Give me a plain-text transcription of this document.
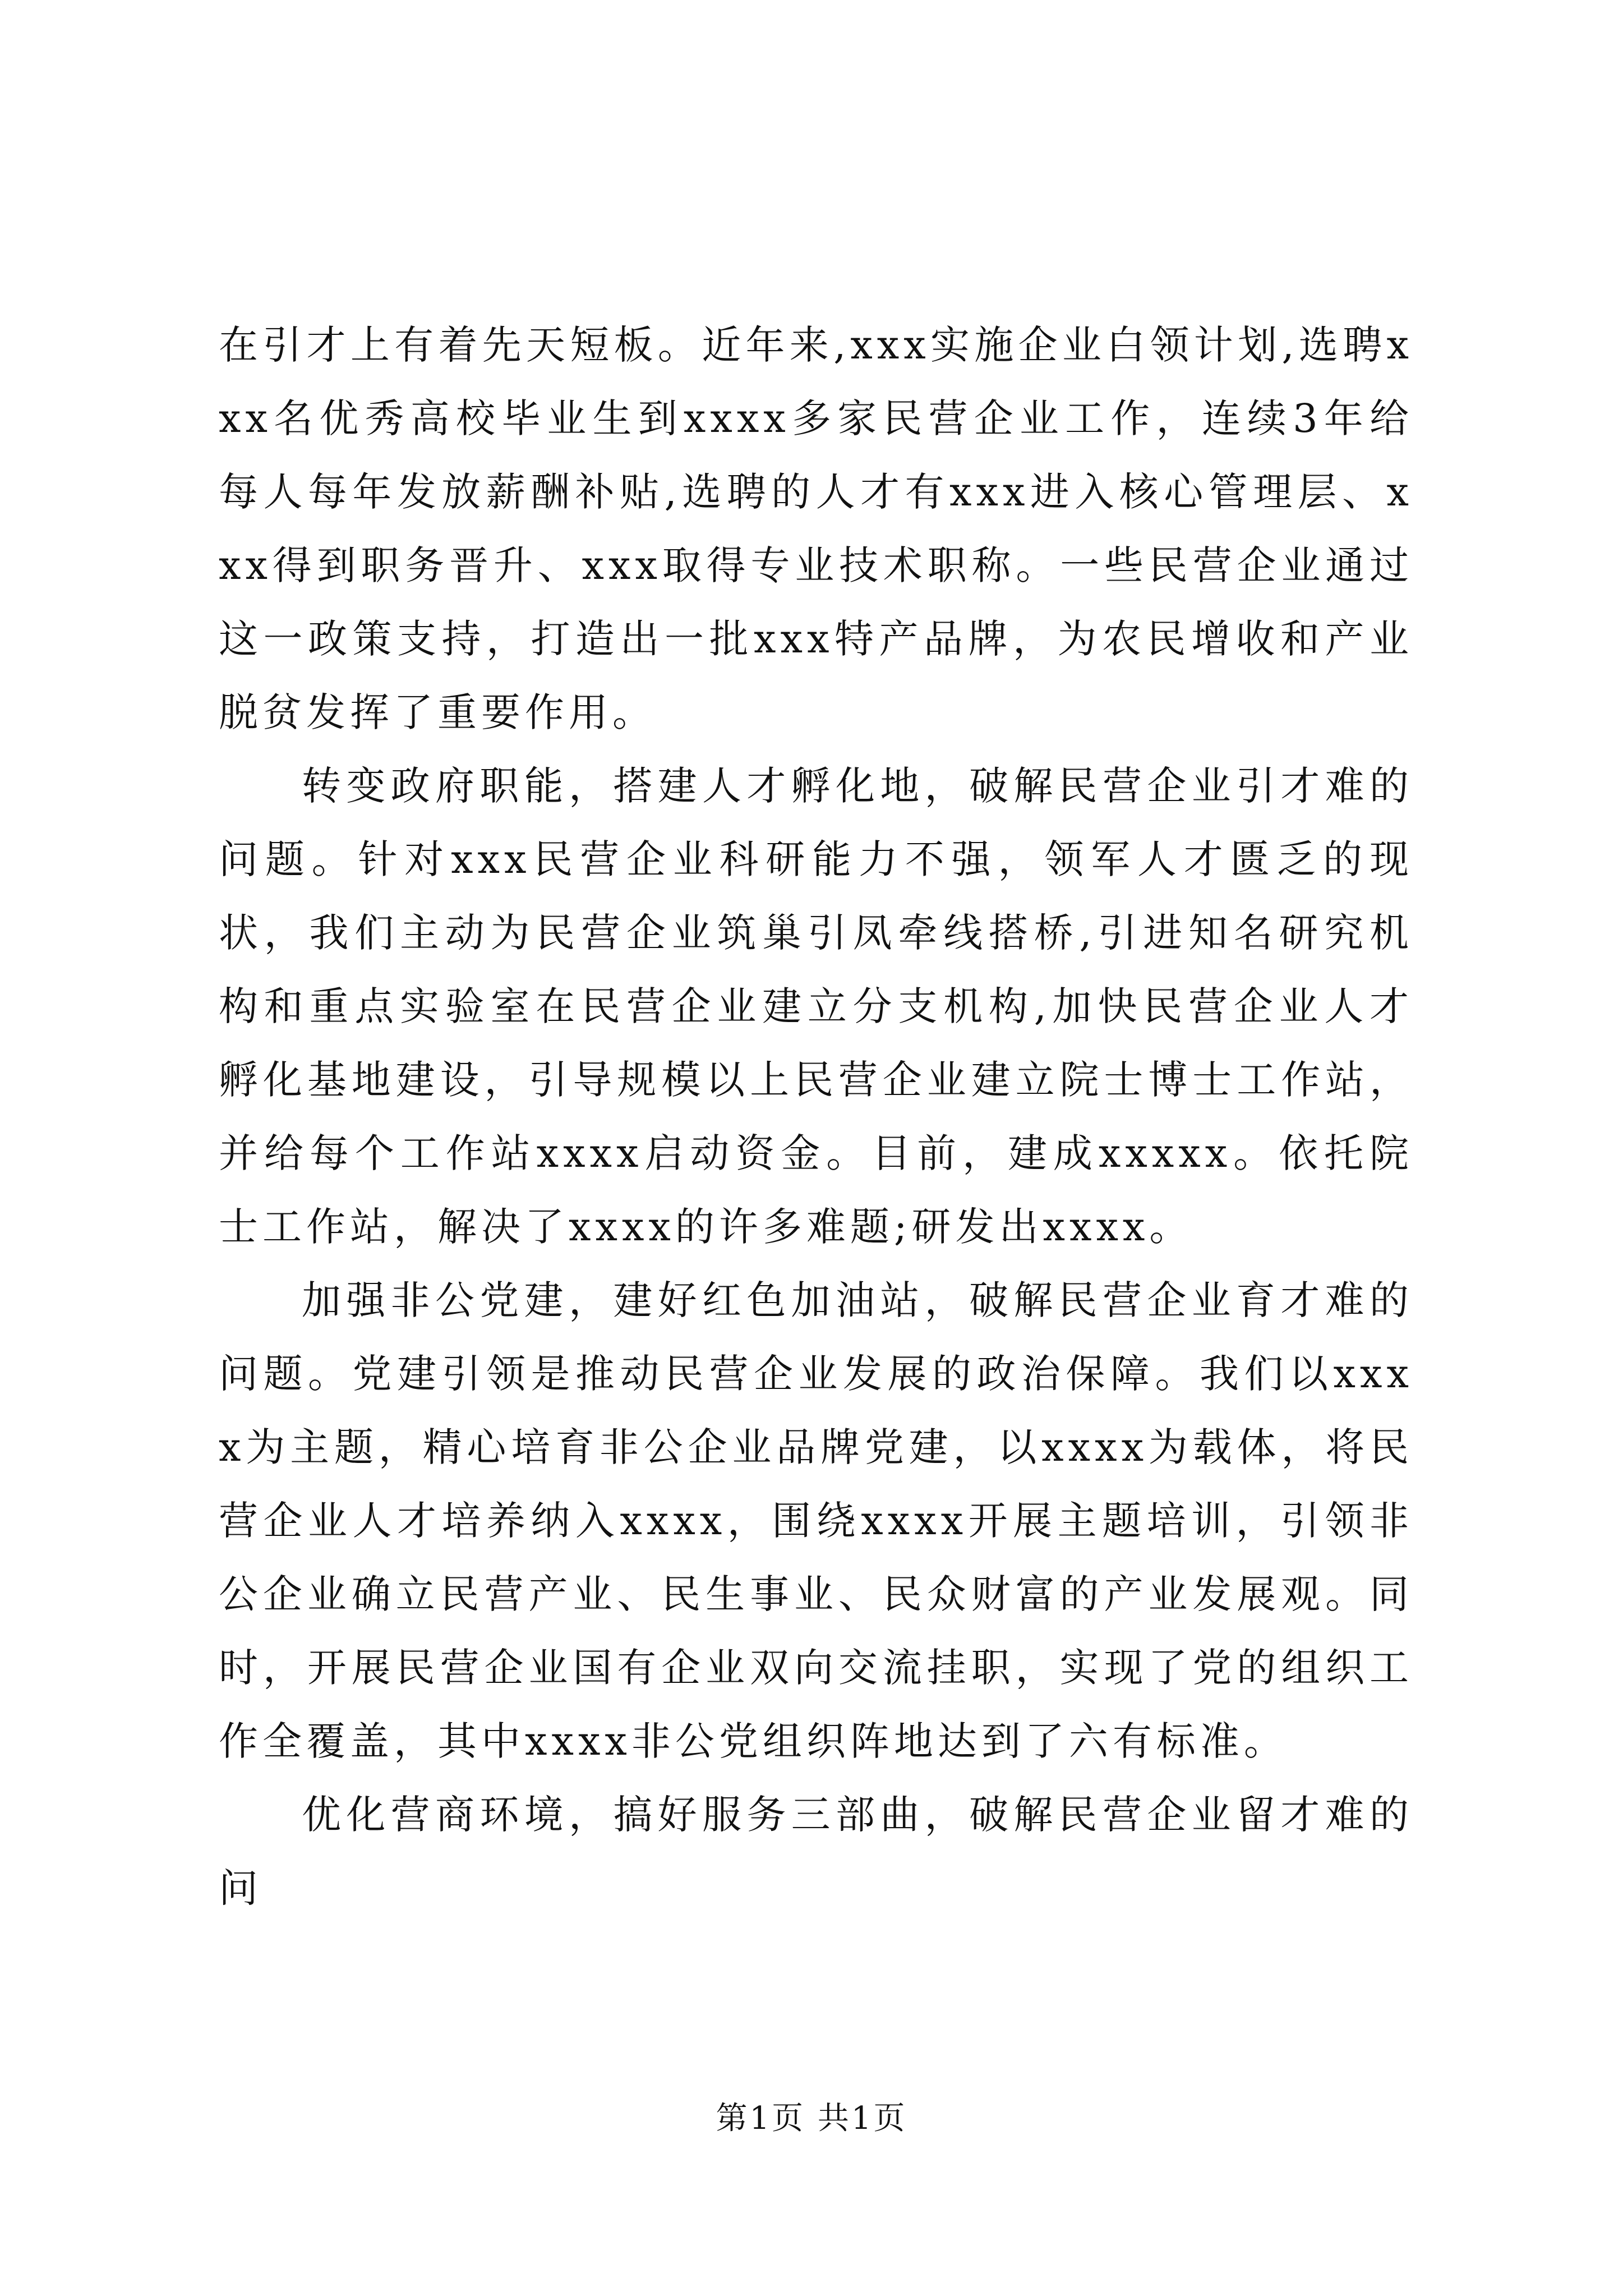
在引才上有着先天短板。近年来,xxx实施企业白领计划,选聘xxx名优秀高校毕业生到xxxx多家民营企业工作，连续3年给每人每年发放薪酬补贴,选聘的人才有xxx进入核心管理层、xxx得到职务晋升、xxx取得专业技术职称。一些民营企业通过这一政策支持，打造出一批xxx特产品牌，为农民增收和产业脱贫发挥了重要作用。

转变政府职能，搭建人才孵化地，破解民营企业引才难的问题。针对xxx民营企业科研能力不强，领军人才匮乏的现状，我们主动为民营企业筑巢引凤牵线搭桥,引进知名研究机构和重点实验室在民营企业建立分支机构,加快民营企业人才孵化基地建设，引导规模以上民营企业建立院士博士工作站，并给每个工作站xxxx启动资金。目前，建成xxxxx。依托院士工作站，解决了xxxx的许多难题;研发出xxxx。

加强非公党建，建好红色加油站，破解民营企业育才难的问题。党建引领是推动民营企业发展的政治保障。我们以xxxx为主题，精心培育非公企业品牌党建，以xxxx为载体，将民营企业人才培养纳入xxxx，围绕xxxx开展主题培训，引领非公企业确立民营产业、民生事业、民众财富的产业发展观。同时，开展民营企业国有企业双向交流挂职，实现了党的组织工作全覆盖，其中xxxx非公党组织阵地达到了六有标准。

优化营商环境，搞好服务三部曲，破解民营企业留才难的问

第1页 共1页
